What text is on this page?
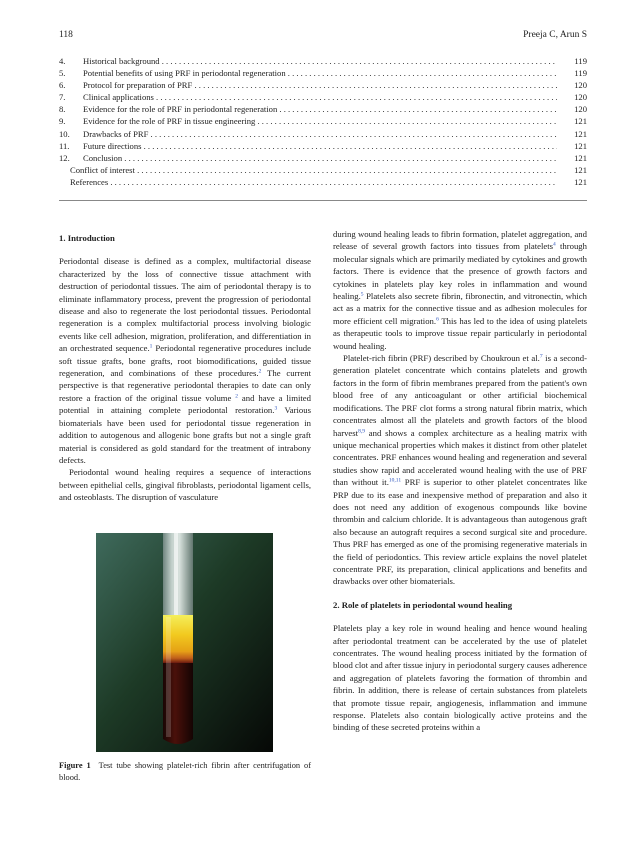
118	Preeja C, Arun S
4. Historical background . . .	119
5. Potential benefits of using PRF in periodontal regeneration . . .	119
6. Protocol for preparation of PRF . . .	120
7. Clinical applications . . .	120
8. Evidence for the role of PRF in periodontal regeneration . . .	120
9. Evidence for the role of PRF in tissue engineering . . .	121
10. Drawbacks of PRF . . .	121
11. Future directions . . .	121
12. Conclusion . . .	121
Conflict of interest . . .	121
References . . .	121
1. Introduction

Periodontal disease is defined as a complex, multifactorial disease characterized by the loss of connective tissue attachment with destruction of periodontal tissues. The aim of periodontal therapy is to eliminate inflammatory process, prevent the progression of periodontal disease and also to regenerate the lost periodontal tissues. Periodontal regeneration is a complex multifactorial process involving biologic events like cell adhesion, migration, proliferation, and differentiation in an orchestrated sequence.$^1$ Periodontal regenerative procedures include soft tissue grafts, bone grafts, root biomodifications, guided tissue regeneration, and combinations of these procedures.$^2$ The current perspective is that regenerative periodontal therapies to date can only restore a fraction of the original tissue volume $^2$ and have a limited potential in attaining complete periodontal restoration.$^3$ Various biomaterials have been used for periodontal tissue regeneration in addition to autogenous and allogenic bone grafts but not a single graft material is considered as gold standard for the treatment of intrabony defects.

Periodontal wound healing requires a sequence of interactions between epithelial cells, gingival fibroblasts, periodontal ligament cells, and osteoblasts. The disruption of vasculature

Figure 1 Test tube showing platelet-rich fibrin after centrifugation of blood.

during wound healing leads to fibrin formation, platelet aggregation, and release of several growth factors into tissues from platelets$^4$ through molecular signals which are primarily mediated by cytokines and growth factors. There is evidence that the presence of growth factors and cytokines in platelets play key roles in inflammation and wound healing.$^5$ Platelets also secrete fibrin, fibronectin, and vitronectin, which act as a matrix for the connective tissue and as adhesion molecules for more efficient cell migration.$^6$ This has led to the idea of using platelets as therapeutic tools to improve tissue repair particularly in periodontal wound healing.

Platelet-rich fibrin (PRF) described by Choukroun et al.$^7$ is a second-generation platelet concentrate which contains platelets and growth factors in the form of fibrin membranes prepared from the patient's own blood free of any anticoagulant or other artificial biochemical modifications. The PRF clot forms a strong natural fibrin matrix, which concentrates almost all the platelets and growth factors of the blood harvest$^{8,9}$ and shows a complex architecture as a healing matrix with unique mechanical properties which makes it distinct from other platelet concentrates. PRF enhances wound healing and regeneration and several studies show rapid and accelerated wound healing with the use of PRF than without it.$^{10,11}$ PRF is superior to other platelet concentrates like PRP due to its ease and inexpensive method of preparation and also it does not need any addition of exogenous compounds like bovine thrombin and calcium chloride. It is advantageous than autogenous graft also because an autograft requires a second surgical site and procedure. Thus PRF has emerged as one of the promising regenerative materials in the field of periodontics. This review article explains the novel platelet concentrate PRF, its preparation, clinical applications and benefits and drawbacks over other biomaterials.

2. Role of platelets in periodontal wound healing

Platelets play a key role in wound healing and hence wound healing after periodontal treatment can be accelerated by the use of platelet concentrates. The wound healing process initiated by the formation of blood clot and after tissue injury in periodontal surgery causes adherence and aggregation of platelets favoring the formation of thrombin and fibrin. In addition, there is release of certain substances from platelets that promote tissue repair, angiogenesis, inflammation and immune response. Platelets also contain biologically active proteins and the binding of these secreted proteins within a
